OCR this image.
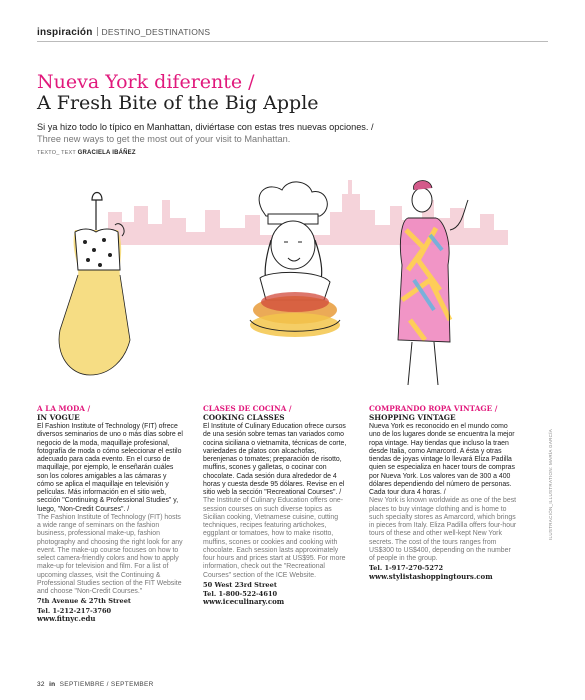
inspiración DESTINO_DESTINATIONS
Nueva York diferente /
A Fresh Bite of the Big Apple
Si ya hizo todo lo típico en Manhattan, diviértase con estas tres nuevas opciones. /
Three new ways to get the most out of your visit to Manhattan.
TEXTO_ TEXT GRACIELA IBÁÑEZ
A LA MODA /
IN VOGUE

El Fashion Institute of Technology (FIT) ofrece diversos seminarios de uno o más días sobre el negocio de la moda, maquillaje profesional, fotografía de moda o cómo seleccionar el estilo adecuado para cada evento. En el curso de maquillaje, por ejemplo, le enseñarán cuáles son los colores amigables a las cámaras y cómo se aplica el maquillaje en televisión y películas. Más información en el sitio web, sección "Continuing & Professional Studies" y, luego, "Non-Credit Courses". /

The Fashion Institute of Technology (FIT) hosts a wide range of seminars on the fashion business, professional make-up, fashion photography and choosing the right look for any event. The make-up course focuses on how to select camera-friendly colors and how to apply make-up for television and film. For a list of upcoming classes, visit the Continuing & Professional Studies section of the FIT Website and choose "Non-Credit Courses."

7th Avenue & 27th Street

Tel. 1-212-217-3760

www.fitnyc.edu

CLASES DE COCINA /
COOKING CLASSES

El Institute of Culinary Education ofrece cursos de una sesión sobre temas tan variados como cocina siciliana o vietnamita, técnicas de corte, variedades de platos con alcachofas, berenjenas o tomates; preparación de risotto, muffins, scones y galletas, o cocinar con chocolate. Cada sesión dura alrededor de 4 horas y cuesta desde 95 dólares. Revise en el sitio web la sección "Recreational Courses". /

The Institute of Culinary Education offers one-session courses on such diverse topics as Sicilian cooking, Vietnamese cuisine, cutting techniques, recipes featuring artichokes, eggplant or tomatoes, how to make risotto, muffins, scones or cookies and cooking with chocolate. Each session lasts approximately four hours and prices start at US$95. For more information, check out the "Recreational Courses" section of the ICE Website.

50 West 23rd Street

Tel. 1-800-522-4610

www.iceculinary.com

COMPRANDO ROPA VINTAGE /
SHOPPING VINTAGE

Nueva York es reconocido en el mundo como uno de los lugares donde se encuentra la mejor ropa vintage. Hay tiendas que incluso la traen desde Italia, como Amarcord. A ésta y otras tiendas de joyas vintage lo llevará Eliza Padilla quien se especializa en hacer tours de compras por Nueva York. Los valores van de 300 a 400 dólares dependiendo del número de personas. Cada tour dura 4 horas. /

New York is known worldwide as one of the best places to buy vintage clothing and is home to such specialty stores as Amarcord, which brings in pieces from Italy. Eliza Padilla offers four-hour tours of these and other well-kept New York secrets. The cost of the tours ranges from US$300 to US$400, depending on the number of people in the group.

Tel. 1-917-270-5272

www.stylistashoppingtours.com

ILUSTRACIÓN_ILLUSTRATION: MARÍA GARCÍA
32 in SEPTIEMBRE / SEPTEMBER
